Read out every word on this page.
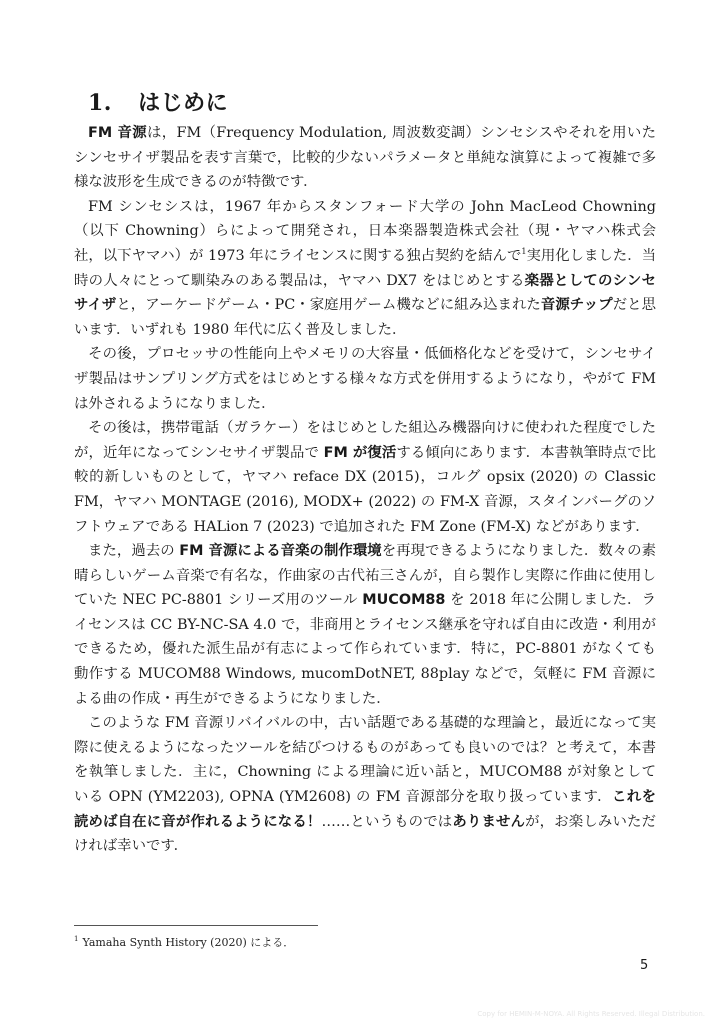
1. はじめに

FM 音源は，FM（Frequency Modulation, 周波数変調）シンセシスやそれを用いたシンセサイザ製品を表す言葉で，比較的少ないパラメータと単純な演算によって複雑で多様な波形を生成できるのが特徴です．

FM シンセシスは，1967 年からスタンフォード大学の John MacLeod Chowning（以下 Chowning）らによって開発され，日本楽器製造株式会社（現・ヤマハ株式会社，以下ヤマハ）が 1973 年にライセンスに関する独占契約を結んで$^1$実用化しました．当時の人々にとって馴染みのある製品は，ヤマハ DX7 をはじめとする楽器としてのシンセサイザと，アーケードゲーム・PC・家庭用ゲーム機などに組み込まれた音源チップだと思います．いずれも 1980 年代に広く普及しました．

その後，プロセッサの性能向上やメモリの大容量・低価格化などを受けて，シンセサイザ製品はサンプリング方式をはじめとする様々な方式を併用するようになり，やがて FM は外されるようになりました．

その後は，携帯電話（ガラケー）をはじめとした組込み機器向けに使われた程度でしたが，近年になってシンセサイザ製品で FM が復活する傾向にあります．本書執筆時点で比較的新しいものとして，ヤマハ reface DX (2015)，コルグ opsix (2020) の Classic FM，ヤマハ MONTAGE (2016), MODX+ (2022) の FM-X 音源，スタインバーグのソフトウェアである HALion 7 (2023) で追加された FM Zone (FM-X) などがあります．

また，過去の FM 音源による音楽の制作環境を再現できるようになりました．数々の素晴らしいゲーム音楽で有名な，作曲家の古代祐三さんが，自ら製作し実際に作曲に使用していた NEC PC-8801 シリーズ用のツール MUCOM88 を 2018 年に公開しました．ライセンスは CC BY-NC-SA 4.0 で，非商用とライセンス継承を守れば自由に改造・利用ができるため，優れた派生品が有志によって作られています．特に，PC-8801 がなくても動作する MUCOM88 Windows, mucomDotNET, 88play などで，気軽に FM 音源による曲の作成・再生ができるようになりました．

このような FM 音源リバイバルの中，古い話題である基礎的な理論と，最近になって実際に使えるようになったツールを結びつけるものがあっても良いのでは？と考えて，本書を執筆しました．主に，Chowning による理論に近い話と，MUCOM88 が対象としている OPN (YM2203), OPNA (YM2608) の FM 音源部分を取り扱っています．これを読めば自在に音が作れるようになる！……というものではありませんが，お楽しみいただければ幸いです．

$^1$ Yamaha Synth History (2020) による．
5
Copy for HEMIN-M-NOYA. All Rights Reserved. Illegal Distribution.
